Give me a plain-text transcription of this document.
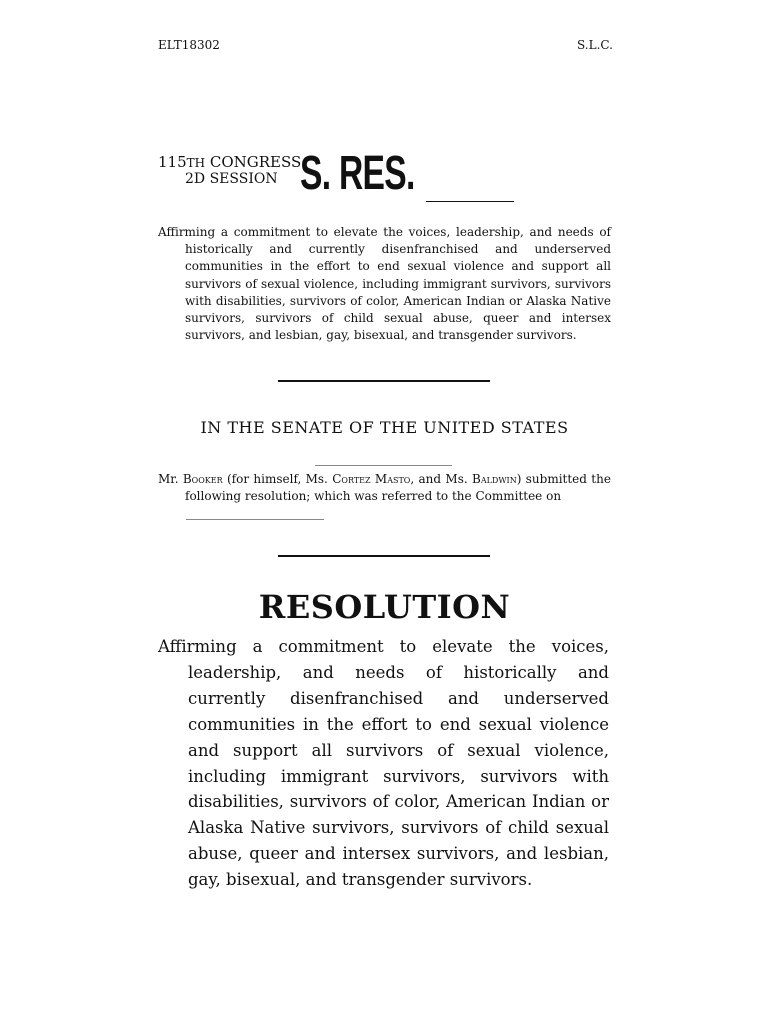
ELT18302	S.L.C.
115TH CONGRESS
2D SESSION S. RES.
Affirming a commitment to elevate the voices, leadership, and needs of historically and currently disenfranchised and underserved communities in the effort to end sexual violence and support all survivors of sexual violence, including immigrant survivors, survivors with disabilities, survivors of color, American Indian or Alaska Native survivors, survivors of child sexual abuse, queer and intersex survivors, and lesbian, gay, bisexual, and transgender survivors.
IN THE SENATE OF THE UNITED STATES
Mr. Booker (for himself, Ms. Cortez Masto, and Ms. Baldwin) submitted the following resolution; which was referred to the Committee on
RESOLUTION
Affirming a commitment to elevate the voices, leadership, and needs of historically and currently disenfranchised and underserved communities in the effort to end sexual violence and support all survivors of sexual violence, including immigrant survivors, survivors with disabilities, survivors of color, American Indian or Alaska Native survivors, survivors of child sexual abuse, queer and intersex survivors, and lesbian, gay, bisexual, and transgender survivors.
